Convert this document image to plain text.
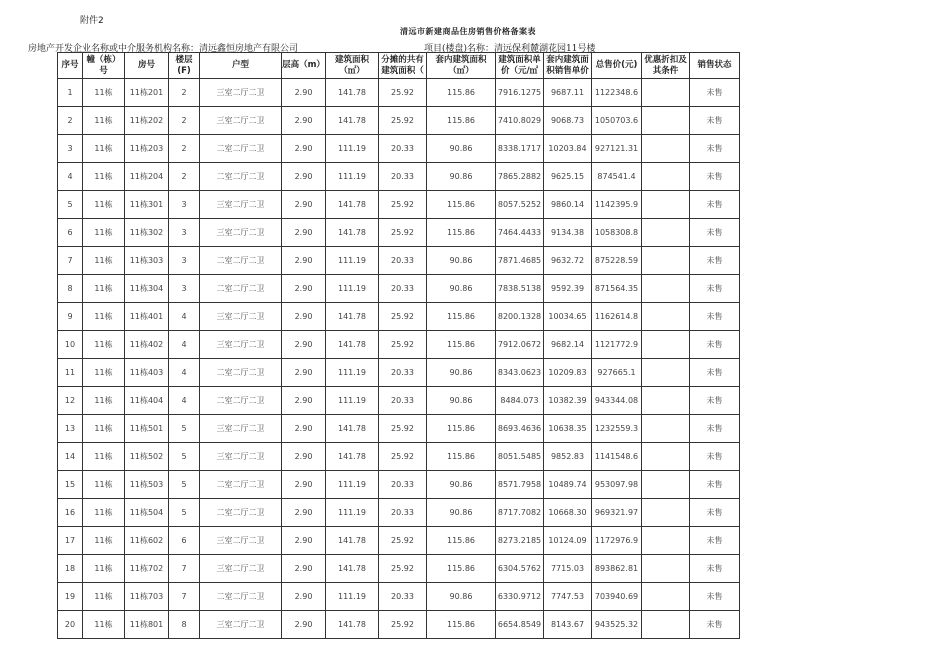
附件2
清远市新建商品住房销售价格备案表
房地产开发企业名称或中介服务机构名称：清远鑫恒房地产有限公司	项目(楼盘)名称：清远保利麓湖花园11号楼
序号	幢（栋）号	房号	楼层(F)	户型	层高（m）	建筑面积（㎡）	分摊的共有建筑面积（	套内建筑面积（㎡）	建筑面积单价（元/㎡	套内建筑面积销售单价	总售价(元)	优惠折扣及其条件	销售状态
1	11栋	11栋201	2	三室二厅二卫	2.90	141.78	25.92	115.86	7916.1275	9687.11	1122348.6		未售
2	11栋	11栋202	2	三室二厅二卫	2.90	141.78	25.92	115.86	7410.8029	9068.73	1050703.6		未售
3	11栋	11栋203	2	二室二厅二卫	2.90	111.19	20.33	90.86	8338.1717	10203.84	927121.31		未售
4	11栋	11栋204	2	二室二厅二卫	2.90	111.19	20.33	90.86	7865.2882	9625.15	874541.4		未售
5	11栋	11栋301	3	三室二厅二卫	2.90	141.78	25.92	115.86	8057.5252	9860.14	1142395.9		未售
6	11栋	11栋302	3	三室二厅二卫	2.90	141.78	25.92	115.86	7464.4433	9134.38	1058308.8		未售
7	11栋	11栋303	3	二室二厅二卫	2.90	111.19	20.33	90.86	7871.4685	9632.72	875228.59		未售
8	11栋	11栋304	3	二室二厅二卫	2.90	111.19	20.33	90.86	7838.5138	9592.39	871564.35		未售
9	11栋	11栋401	4	三室二厅二卫	2.90	141.78	25.92	115.86	8200.1328	10034.65	1162614.8		未售
10	11栋	11栋402	4	三室二厅二卫	2.90	141.78	25.92	115.86	7912.0672	9682.14	1121772.9		未售
11	11栋	11栋403	4	二室二厅二卫	2.90	111.19	20.33	90.86	8343.0623	10209.83	927665.1		未售
12	11栋	11栋404	4	二室二厅二卫	2.90	111.19	20.33	90.86	8484.073	10382.39	943344.08		未售
13	11栋	11栋501	5	三室二厅二卫	2.90	141.78	25.92	115.86	8693.4636	10638.35	1232559.3		未售
14	11栋	11栋502	5	三室二厅二卫	2.90	141.78	25.92	115.86	8051.5485	9852.83	1141548.6		未售
15	11栋	11栋503	5	二室二厅二卫	2.90	111.19	20.33	90.86	8571.7958	10489.74	953097.98		未售
16	11栋	11栋504	5	二室二厅二卫	2.90	111.19	20.33	90.86	8717.7082	10668.30	969321.97		未售
17	11栋	11栋602	6	三室二厅二卫	2.90	141.78	25.92	115.86	8273.2185	10124.09	1172976.9		未售
18	11栋	11栋702	7	三室二厅二卫	2.90	141.78	25.92	115.86	6304.5762	7715.03	893862.81		未售
19	11栋	11栋703	7	二室二厅二卫	2.90	111.19	20.33	90.86	6330.9712	7747.53	703940.69		未售
20	11栋	11栋801	8	三室二厅二卫	2.90	141.78	25.92	115.86	6654.8549	8143.67	943525.32		未售
